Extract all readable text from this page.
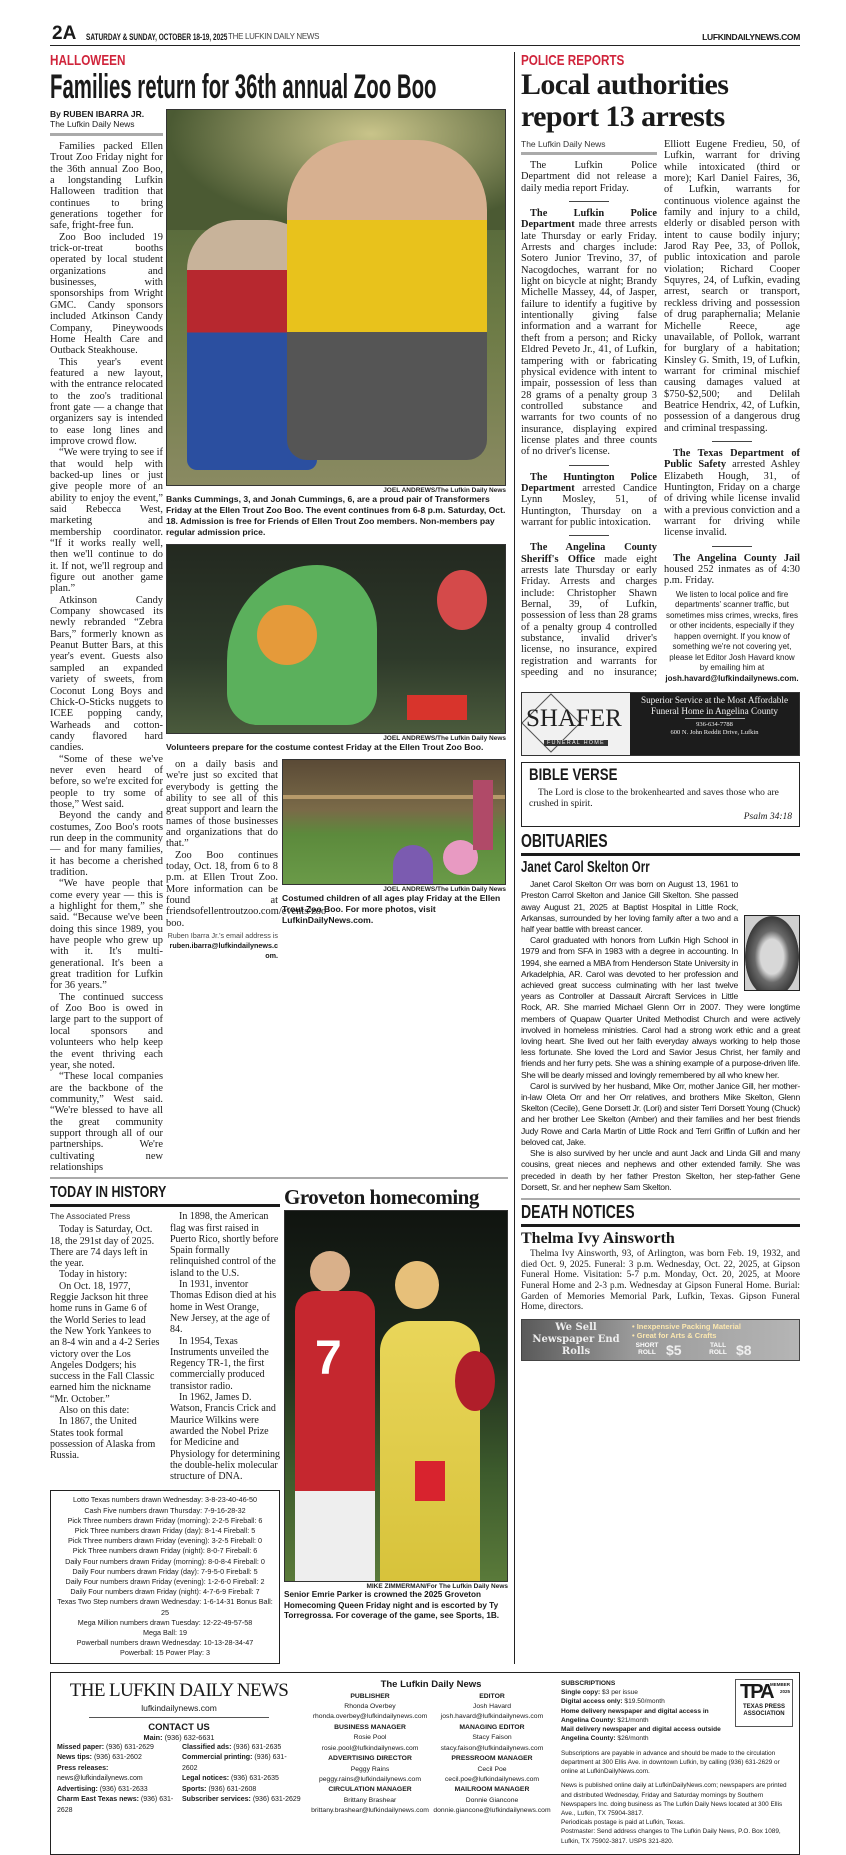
2A SATURDAY & SUNDAY, OCTOBER 18-19, 2025 THE LUFKIN DAILY NEWS	LUFKINDAILYNEWS.COM
HALLOWEEN
Families return for 36th annual Zoo Boo
By RUBEN IBARRA JR.
The Lufkin Daily News

Families packed Ellen Trout Zoo Friday night for the 36th annual Zoo Boo, a longstanding Lufkin Halloween tradition that continues to bring generations together for safe, fright-free fun.

Zoo Boo included 19 trick-or-treat booths operated by local student organizations and businesses, with sponsorships from Wright GMC. Candy sponsors included Atkinson Candy Company, Pineywoods Home Health Care and Outback Steakhouse.

This year's event featured a new layout, with the entrance relocated to the zoo's traditional front gate — a change that organizers say is intended to ease long lines and improve crowd flow.

“We were trying to see if that would help with backed-up lines or just give people more of an ability to enjoy the event,” said Rebecca West, marketing and membership coordinator. “If it works really well, then we'll continue to do it. If not, we'll regroup and figure out another game plan.”

Atkinson Candy Company showcased its newly rebranded “Zebra Bars,” formerly known as Peanut Butter Bars, at this year's event. Guests also sampled an expanded variety of sweets, from Coconut Long Boys and Chick-O-Sticks nuggets to ICEE popping candy, Warheads and cotton-candy flavored hard candies.

“Some of these we've never even heard of before, so we're excited for people to try some of those,” West said.

Beyond the candy and costumes, Zoo Boo's roots run deep in the community — and for many families, it has become a cherished tradition.

“We have people that come every year — this is a highlight for them,” she said. “Because we've been doing this since 1989, you have people who grew up with it. It's multi-generational. It's been a great tradition for Lufkin for 36 years.”

The continued success of Zoo Boo is owed in large part to the support of local sponsors and volunteers who help keep the event thriving each year, she noted.

“These local companies are the backbone of the community,” West said. “We're blessed to have all the great community support through all of our partnerships. We're cultivating new relationships

JOEL ANDREWS/The Lufkin Daily News
Banks Cummings, 3, and Jonah Cummings, 6, are a proud pair of Transformers Friday at the Ellen Trout Zoo Boo. The event continues from 6-8 p.m. Saturday, Oct. 18. Admission is free for Friends of Ellen Trout Zoo members. Non-members pay regular admission price.
JOEL ANDREWS/The Lufkin Daily News
Volunteers prepare for the costume contest Friday at the Ellen Trout Zoo Boo.

on a daily basis and we're just so excited that everybody is getting the ability to see all of this great support and learn the names of those businesses and organizations that do that.”

Zoo Boo continues today, Oct. 18, from 6 to 8 p.m. at Ellen Trout Zoo. More information can be found at friendsofellentroutzoo.com/events/zoo-boo.

Ruben Ibarra Jr.'s email address is
ruben.ibarra@lufkindailynews.com.
JOEL ANDREWS/The Lufkin Daily News
Costumed children of all ages play Friday at the Ellen Trout Zoo Boo. For more photos, visit LufkinDailyNews.com.
TODAY IN HISTORY
The Associated Press

Today is Saturday, Oct. 18, the 291st day of 2025. There are 74 days left in the year.

Today in history:

On Oct. 18, 1977, Reggie Jackson hit three home runs in Game 6 of the World Series to lead the New York Yankees to an 8-4 win and a 4-2 Series victory over the Los Angeles Dodgers; his success in the Fall Classic earned him the nickname “Mr. October.”

Also on this date:

In 1867, the United States took formal possession of Alaska from Russia.

In 1898, the American flag was first raised in Puerto Rico, shortly before Spain formally relinquished control of the island to the U.S.

In 1931, inventor Thomas Edison died at his home in West Orange, New Jersey, at the age of 84.

In 1954, Texas Instruments unveiled the Regency TR-1, the first commercially produced transistor radio.

In 1962, James D. Watson, Francis Crick and Maurice Wilkins were awarded the Nobel Prize for Medicine and Physiology for determining the double-helix molecular structure of DNA.

Lotto Texas numbers drawn Wednesday: 3-8-23-40-46-50
Cash Five numbers drawn Thursday: 7-9-16-28-32
Pick Three numbers drawn Friday (morning): 2-2-5 Fireball: 6
Pick Three numbers drawn Friday (day): 8-1-4 Fireball: 5
Pick Three numbers drawn Friday (evening): 3-2-5 Fireball: 0
Pick Three numbers drawn Friday (night): 8-0-7 Fireball: 6
Daily Four numbers drawn Friday (morning): 8-0-8-4 Fireball: 0
Daily Four numbers drawn Friday (day): 7-9-5-0 Fireball: 5
Daily Four numbers drawn Friday (evening): 1-2-6-0 Fireball: 2
Daily Four numbers drawn Friday (night): 4-7-6-9 Fireball: 7
Texas Two Step numbers drawn Wednesday: 1-6-14-31 Bonus Ball: 25
Mega Million numbers drawn Tuesday: 12-22-49-57-58
Mega Ball: 19
Powerball numbers drawn Wednesday: 10-13-28-34-47
Powerball: 15 Power Play: 3
Groveton homecoming
7
MIKE ZIMMERMAN/For The Lufkin Daily News
Senior Emrie Parker is crowned the 2025 Groveton Homecoming Queen Friday night and is escorted by Ty Torregrossa. For coverage of the game, see Sports, 1B.
POLICE REPORTS
Local authorities report 13 arrests
The Lufkin Daily News

The Lufkin Police Department did not release a daily media report Friday.

The Lufkin Police Department made three arrests late Thursday or early Friday. Arrests and charges include: Sotero Junior Trevino, 37, of Nacogdoches, warrant for no light on bicycle at night; Brandy Michelle Massey, 44, of Jasper, failure to identify a fugitive by intentionally giving false information and a warrant for theft from a person; and Ricky Eldred Peveto Jr., 41, of Lufkin, tampering with or fabricating physical evidence with intent to impair, possession of less than 28 grams of a penalty group 3 controlled substance and warrants for two counts of no insurance, displaying expired license plates and three counts of no driver's license.

The Huntington Police Department arrested Candice Lynn Mosley, 51, of Huntington, Thursday on a warrant for public intoxication.

The Angelina County Sheriff's Office made eight arrests late Thursday or early Friday. Arrests and charges include: Christopher Shawn Bernal, 39, of Lufkin, possession of less than 28 grams of a penalty group 4 controlled substance, invalid driver's license, no insurance, expired registration and warrants for speeding and no insurance; Elliott Eugene Fredieu, 50, of Lufkin, warrant for driving while intoxicated (third or more); Karl Daniel Faires, 36, of Lufkin, warrants for continuous violence against the family and injury to a child, elderly or disabled person with intent to cause bodily injury; Jarod Ray Pee, 33, of Pollok, public intoxication and parole violation; Richard Cooper Squyres, 24, of Lufkin, evading arrest, search or transport, reckless driving and possession of drug paraphernalia; Melanie Michelle Reece, age unavailable, of Pollok, warrant for burglary of a habitation; Kinsley G. Smith, 19, of Lufkin, warrant for criminal mischief causing damages valued at $750-$2,500; and Delilah Beatrice Hendrix, 42, of Lufkin, possession of a dangerous drug and criminal trespassing.

The Texas Department of Public Safety arrested Ashley Elizabeth Hough, 31, of Huntington, Friday on a charge of driving while license invalid with a previous conviction and a warrant for driving while license invalid.

The Angelina County Jail housed 252 inmates as of 4:30 p.m. Friday.

We listen to local police and fire departments' scanner traffic, but sometimes miss crimes, wrecks, fires or other incidents, especially if they happen overnight. If you know of something we're not covering yet, please let Editor Josh Havard know by emailing him at josh.havard@lufkindailynews.com.

SHAFER
FUNERAL HOME
Superior Service at the Most Affordable Funeral Home in Angelina County
936-634-7788
600 N. John Reddit Drive, Lufkin
BIBLE VERSE
The Lord is close to the brokenhearted and saves those who are crushed in spirit.
Psalm 34:18
OBITUARIES
Janet Carol Skelton Orr

Janet Carol Skelton Orr was born on August 13, 1961 to Preston Carrol Skelton and Janice Gill Skelton. She passed away August 21, 2025 at Baptist Hospital in Little Rock, Arkansas, surrounded by her loving family after a two and a half year battle with breast cancer.

Carol graduated with honors from Lufkin High School in 1979 and from SFA in 1983 with a degree in accounting. In 1994, she earned a MBA from Henderson State University in Arkadelphia, AR. Carol was devoted to her profession and achieved great success culminating with her last twelve years as Controller at Dassault Aircraft Services in Little Rock, AR. She married Michael Glenn Orr in 2007. They were longtime members of Quapaw Quarter United Methodist Church and were actively involved in homeless ministries. Carol had a strong work ethic and a great loving heart. She lived out her faith everyday always working to help those less fortunate. She loved the Lord and Savior Jesus Christ, her family and friends and her furry pets. She was a shining example of a purpose-driven life. She will be dearly missed and lovingly remembered by all who knew her.

Carol is survived by her husband, Mike Orr, mother Janice Gill, her mother-in-law Oleta Orr and her Orr relatives, and brothers Mike Skelton, Glenn Skelton (Cecile), Gene Dorsett Jr. (Lori) and sister Terri Dorsett Young (Chuck) and her brother Lee Skelton (Amber) and their families and her best friends Judy Rowe and Carla Martin of Little Rock and Terri Griffin of Lufkin and her beloved cat, Jake.

She is also survived by her uncle and aunt Jack and Linda Gill and many cousins, great nieces and nephews and other extended family. She was preceded in death by her father Preston Skelton, her step-father Gene Dorsett, Sr. and her nephew Sam Skelton.

DEATH NOTICES
Thelma Ivy Ainsworth
Thelma Ivy Ainsworth, 93, of Arlington, was born Feb. 19, 1932, and died Oct. 9, 2025. Funeral: 3 p.m. Wednesday, Oct. 22, 2025, at Gipson Funeral Home. Visitation: 5-7 p.m. Monday, Oct. 20, 2025, at Moore Funeral Home and 2-3 p.m. Wednesday at Gipson Funeral Home. Burial: Garden of Memories Memorial Park, Lufkin, Texas. Gipson Funeral Home, directors.
We Sell Newspaper End Rolls
• Inexpensive Packing Material
• Great for Arts & Crafts
SHORT ROLL $5	TALL ROLL $8
THE LUFKIN DAILY NEWS
lufkindailynews.com
CONTACT US
Main: (936) 632-6631
Missed paper: (936) 631-2629
News tips: (936) 631-2602
Press releases: news@lufkindailynews.com
Advertising: (936) 631-2633
Charm East Texas news: (936) 631-2628
Classified ads: (936) 631-2635
Commercial printing: (936) 631-2602
Legal notices: (936) 631-2635
Sports: (936) 631-2608
Subscriber services: (936) 631-2629
The Lufkin Daily News
PUBLISHER
Rhonda Overbey
rhonda.overbey@lufkindailynews.com
BUSINESS MANAGER
Rosie Pool
rosie.pool@lufkindailynews.com
ADVERTISING DIRECTOR
Peggy Rains
peggy.rains@lufkindailynews.com
CIRCULATION MANAGER
Brittany Brashear
brittany.brashear@lufkindailynews.com
EDITOR
Josh Havard
josh.havard@lufkindailynews.com
MANAGING EDITOR
Stacy Faison
stacy.faison@lufkindailynews.com
PRESSROOM MANAGER
Cecil Poe
cecil.poe@lufkindailynews.com
MAILROOM MANAGER
Donnie Giancone
donnie.giancone@lufkindailynews.com
TPA
MEMBER
2025
TEXAS PRESS ASSOCIATION
SUBSCRIPTIONS
Single copy: $3 per issue
Digital access only: $19.50/month
Home delivery newspaper and digital access in Angelina County: $21/month
Mail delivery newspaper and digital access outside Angelina County: $26/month
Subscriptions are payable in advance and should be made to the circulation department at 300 Ellis Ave. in downtown Lufkin, by calling (936) 631-2629 or online at LufkinDailyNews.com.
News is published online daily at LufkinDailyNews.com; newspapers are printed and distributed Wednesday, Friday and Saturday mornings by Southern Newspapers Inc. doing business as The Lufkin Daily News located at 300 Ellis Ave., Lufkin, TX 75904-3817.
Periodicals postage is paid at Lufkin, Texas.
Postmaster: Send address changes to The Lufkin Daily News, P.O. Box 1089, Lufkin, TX 75902-3817. USPS 321-820.
